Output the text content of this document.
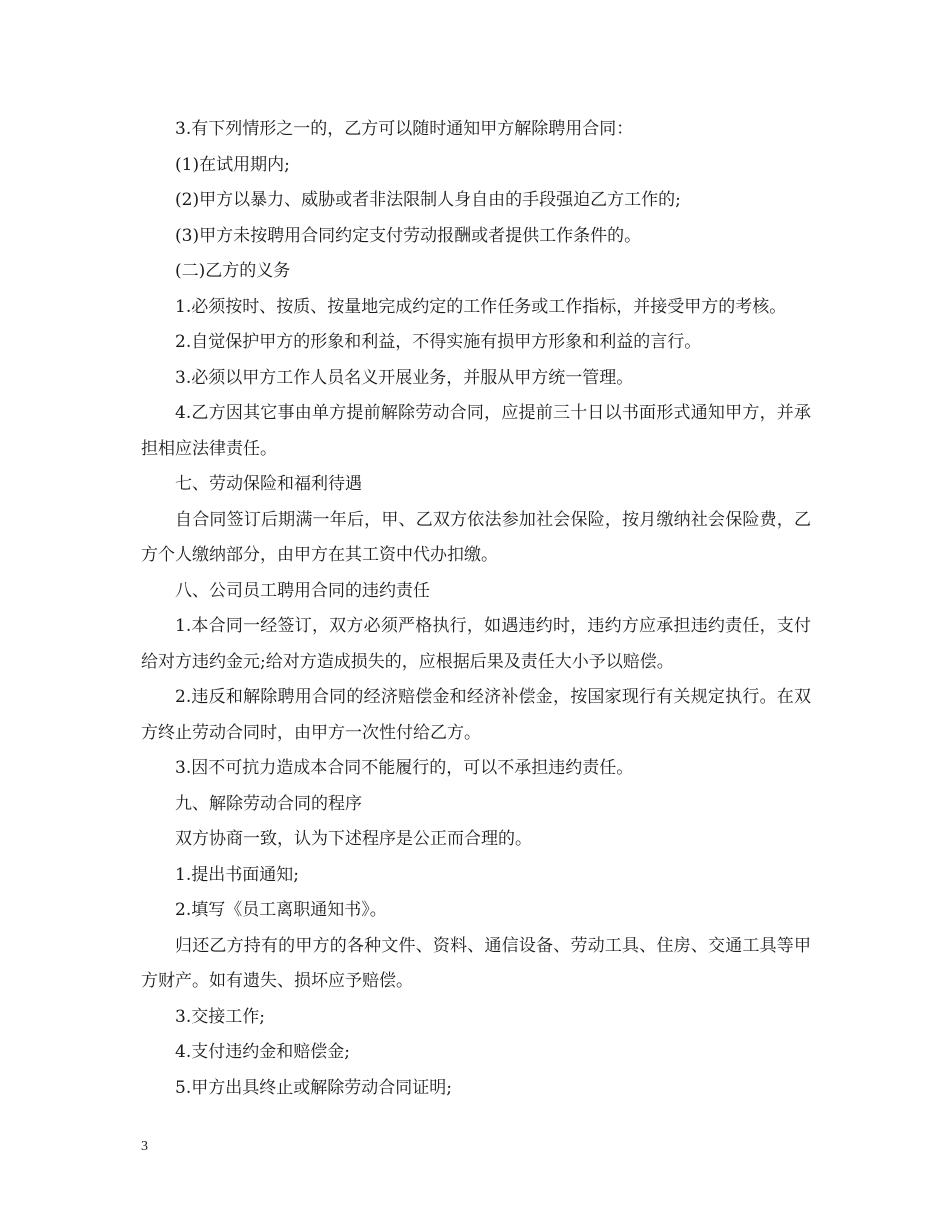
3.有下列情形之一的，乙方可以随时通知甲方解除聘用合同：

(1)在试用期内;

(2)甲方以暴力、威胁或者非法限制人身自由的手段强迫乙方工作的;

(3)甲方未按聘用合同约定支付劳动报酬或者提供工作条件的。

(二)乙方的义务

1.必须按时、按质、按量地完成约定的工作任务或工作指标，并接受甲方的考核。

2.自觉保护甲方的形象和利益，不得实施有损甲方形象和利益的言行。

3.必须以甲方工作人员名义开展业务，并服从甲方统一管理。

4.乙方因其它事由单方提前解除劳动合同，应提前三十日以书面形式通知甲方，并承担相应法律责任。

七、劳动保险和福利待遇

自合同签订后期满一年后，甲、乙双方依法参加社会保险，按月缴纳社会保险费，乙方个人缴纳部分，由甲方在其工资中代办扣缴。

八、公司员工聘用合同的违约责任

1.本合同一经签订，双方必须严格执行，如遇违约时，违约方应承担违约责任，支付给对方违约金元;给对方造成损失的，应根据后果及责任大小予以赔偿。

2.违反和解除聘用合同的经济赔偿金和经济补偿金，按国家现行有关规定执行。在双方终止劳动合同时，由甲方一次性付给乙方。

3.因不可抗力造成本合同不能履行的，可以不承担违约责任。

九、解除劳动合同的程序

双方协商一致，认为下述程序是公正而合理的。

1.提出书面通知;

2.填写《员工离职通知书》。

归还乙方持有的甲方的各种文件、资料、通信设备、劳动工具、住房、交通工具等甲方财产。如有遗失、损坏应予赔偿。

3.交接工作;

4.支付违约金和赔偿金;

5.甲方出具终止或解除劳动合同证明;

3
